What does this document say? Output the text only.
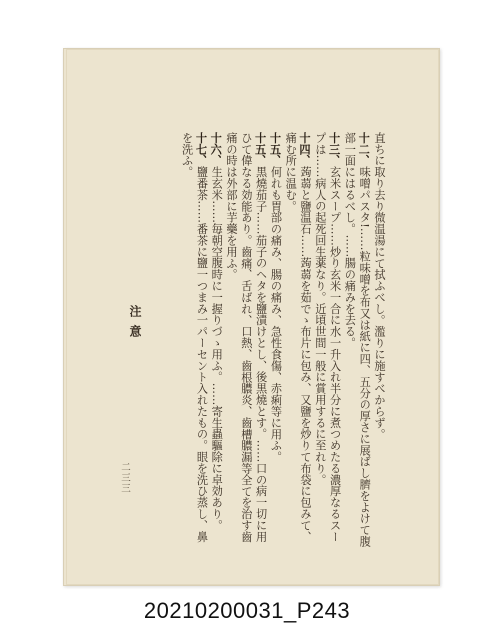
直ちに取り去り微温湯にて拭ふべし。濫りに施すべからず。
十二、味噌パスタ!……粒味噌を布又は紙に四、五分の厚さに展ばし臍をよけて腹部一面にはるべし。……腸の痛みを去る。
十三、玄米スープ……炒り玄米一合に水一升入れ半分に煮つめたる濃厚なるスープは……病人の起死回生薬なり。近頃世間一般に賞用するに至れり。
十四、蒟蒻と鹽温石……蒟蒻を茹でゝ布片に包み、又鹽を炒りて布袋に包みて、痛む所に温む。
十五、何れも胃部の痛み、腸の痛み、急性食傷、赤痢等に用ふ。
十五、黒燒茄子……茄子のヘタを鹽漬けとし、後黒燒とす。……口の病一切に用ひて偉なる効能あり。齒痛、舌ばれ、口熱、齒根膿炎、齒槽膿漏等全てを治す齒痛の時は外部に芋藥を用ふ。
十六、生玄米……毎朝空腹時に一握りづゝ用ふ。……寄生蟲驅除に卓効あり。
十七、鹽番茶……番茶に鹽一つまみ一パーセント入れたもの。眼を洗ひ蒸し、鼻を洗ふ。
注意
二三三
20210200031_P243
